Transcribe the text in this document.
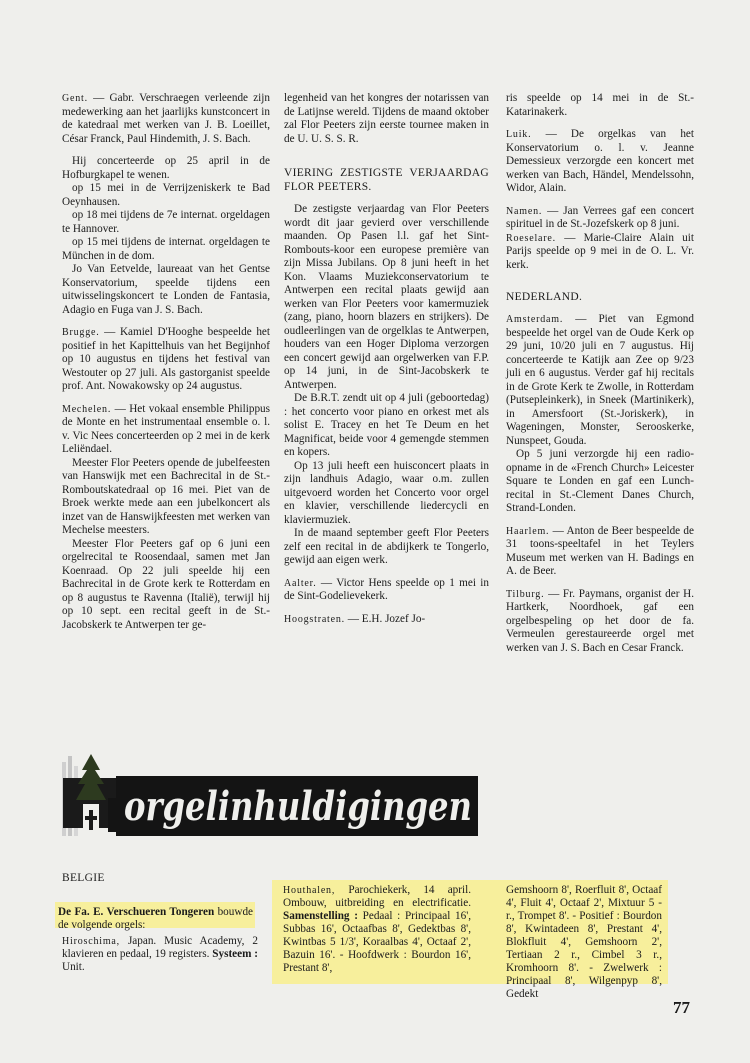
Gent. — Gabr. Verschraegen verleende zijn medewerking aan het jaarlijks kunstconcert in de katedraal met werken van J. B. Loeillet, César Franck, Paul Hindemith, J. S. Bach.

Hij concerteerde op 25 april in de Hofburgkapel te wenen.

op 15 mei in de Verrijzeniskerk te Bad Oeynhausen.

op 18 mei tijdens de 7e internat. orgeldagen te Hannover.

op 15 mei tijdens de internat. orgeldagen te München in de dom.

Jo Van Eetvelde, laureaat van het Gentse Konservatorium, speelde tijdens een uitwisselingskoncert te Londen de Fantasia, Adagio en Fuga van J. S. Bach.

Brugge. — Kamiel D'Hooghe bespeelde het positief in het Kapittelhuis van het Begijnhof op 10 augustus en tijdens het festival van Westouter op 27 juli. Als gastorganist speelde prof. Ant. Nowakowsky op 24 augustus.

Mechelen. — Het vokaal ensemble Philippus de Monte en het instrumentaal ensemble o. l. v. Vic Nees concerteerden op 2 mei in de kerk Leliëndael.

Meester Flor Peeters opende de jubelfeesten van Hanswijk met een Bachrecital in de St.-Romboutskatedraal op 16 mei. Piet van de Broek werkte mede aan een jubelkoncert als inzet van de Hanswijkfeesten met werken van Mechelse meesters.

Meester Flor Peeters gaf op 6 juni een orgelrecital te Roosendaal, samen met Jan Koenraad. Op 22 juli speelde hij een Bachrecital in de Grote kerk te Rotterdam en op 8 augustus te Ravenna (Italië), terwijl hij op 10 sept. een recital geeft in de St.-Jacobskerk te Antwerpen ter ge-

legenheid van het kongres der notarissen van de Latijnse wereld. Tijdens de maand oktober zal Flor Peeters zijn eerste tournee maken in de U. U. S. S. R.

VIERING ZESTIGSTE VERJAARDAG FLOR PEETERS.

De zestigste verjaardag van Flor Peeters wordt dit jaar gevierd over verschillende maanden. Op Pasen l.l. gaf het Sint-Rombouts-koor een europese première van zijn Missa Jubilans. Op 8 juni heeft in het Kon. Vlaams Muziekconservatorium te Antwerpen een recital plaats gewijd aan werken van Flor Peeters voor kamermuziek (zang, piano, hoorn blazers en strijkers). De oudleerlingen van de orgelklas te Antwerpen, houders van een Hoger Diploma verzorgen een concert gewijd aan orgelwerken van F.P. op 14 juni, in de Sint-Jacobskerk te Antwerpen.

De B.R.T. zendt uit op 4 juli (geboortedag) : het concerto voor piano en orkest met als solist E. Tracey en het Te Deum en het Magnificat, beide voor 4 gemengde stemmen en kopers.

Op 13 juli heeft een huisconcert plaats in zijn landhuis Adagio, waar o.m. zullen uitgevoerd worden het Concerto voor orgel en klavier, verschillende liedercycli en klaviermuziek.

In de maand september geeft Flor Peeters zelf een recital in de abdijkerk te Tongerlo, gewijd aan eigen werk.

Aalter. — Victor Hens speelde op 1 mei in de Sint-Godelievekerk.

Hoogstraten. — E.H. Jozef Jo-

ris speelde op 14 mei in de St.-Katarinakerk.

Luik. — De orgelkas van het Konservatorium o. l. v. Jeanne Demessieux verzorgde een koncert met werken van Bach, Händel, Mendelssohn, Widor, Alain.

Namen. — Jan Verrees gaf een concert spirituel in de St.-Jozefskerk op 8 juni.

Roeselare. — Marie-Claire Alain uit Parijs speelde op 9 mei in de O. L. Vr. kerk.

NEDERLAND.

Amsterdam. — Piet van Egmond bespeelde het orgel van de Oude Kerk op 29 juni, 10/20 juli en 7 augustus. Hij concerteerde te Katijk aan Zee op 9/23 juli en 6 augustus. Verder gaf hij recitals in de Grote Kerk te Zwolle, in Rotterdam (Putsepleinkerk), in Sneek (Martinikerk), in Amersfoort (St.-Joriskerk), in Wageningen, Monster, Serooskerke, Nunspeet, Gouda.

Op 5 juni verzorgde hij een radio-opname in de «French Church» Leicester Square te Londen en gaf een Lunch-recital in St.-Clement Danes Church, Strand-Londen.

Haarlem. — Anton de Beer bespeelde de 31 toons-speeltafel in het Teylers Museum met werken van H. Badings en A. de Beer.

Tilburg. — Fr. Paymans, organist der H. Hartkerk, Noordhoek, gaf een orgelbespeling op het door de fa. Vermeulen gerestaureerde orgel met werken van J. S. Bach en Cesar Franck.

orgelinhuldigingen
BELGIE
De Fa. E. Verschueren Tongeren bouwde de volgende orgels:
Hiroschima, Japan. Music Academy, 2 klavieren en pedaal, 19 registers. Systeem : Unit.
Houthalen, Parochiekerk, 14 april. Ombouw, uitbreiding en electrificatie. Samenstelling : Pedaal : Principaal 16', Subbas 16', Octaafbas 8', Gedektbas 8', Kwintbas 5 1/3', Koraalbas 4', Octaaf 2', Bazuin 16'. - Hoofdwerk : Bourdon 16', Prestant 8',
Gemshoorn 8', Roerfluit 8', Octaaf 4', Fluit 4', Octaaf 2', Mixtuur 5 - r., Trompet 8'. - Positief : Bourdon 8', Kwintadeen 8', Prestant 4', Blokfluit 4', Gemshoorn 2', Tertiaan 2 r., Cimbel 3 r., Kromhoorn 8'. - Zwelwerk : Principaal 8', Wilgenpyp 8', Gedekt
77
